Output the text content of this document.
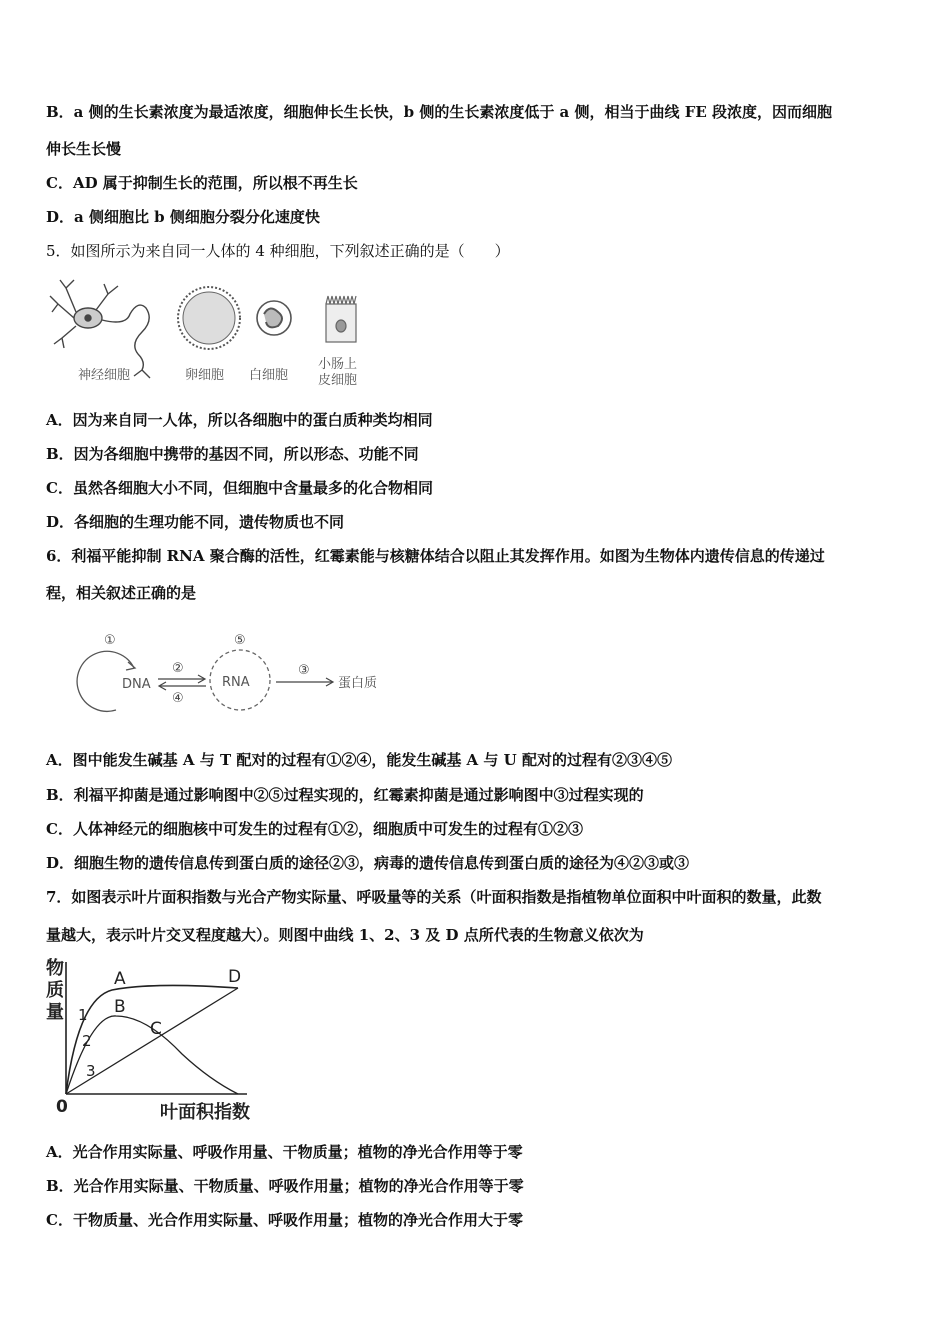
B．a 侧的生长素浓度为最适浓度，细胞伸长生长快，b 侧的生长素浓度低于 a 侧，相当于曲线 FE 段浓度，因而细胞
伸长生长慢
C．AD 属于抑制生长的范围，所以根不再生长
D．a 侧细胞比 b 侧细胞分裂分化速度快
5．如图所示为来自同一人体的 4 种细胞，下列叙述正确的是（　　）
神经细胞	卵细胞 白细胞
小肠上
皮细胞
A．因为来自同一人体，所以各细胞中的蛋白质种类均相同
B．因为各细胞中携带的基因不同，所以形态、功能不同
C．虽然各细胞大小不同，但细胞中含量最多的化合物相同
D．各细胞的生理功能不同，遗传物质也不同
6．利福平能抑制 RNA 聚合酶的活性，红霉素能与核糖体结合以阻止其发挥作用。如图为生物体内遗传信息的传递过
程，相关叙述正确的是
①
DNA
②
④
⑤
RNA
③
蛋白质
A．图中能发生碱基 A 与 T 配对的过程有①②④，能发生碱基 A 与 U 配对的过程有②③④⑤
B．利福平抑菌是通过影响图中②⑤过程实现的，红霉素抑菌是通过影响图中③过程实现的
C．人体神经元的细胞核中可发生的过程有①②，细胞质中可发生的过程有①②③
D．细胞生物的遗传信息传到蛋白质的途径②③，病毒的遗传信息传到蛋白质的途径为④②③或③
7．如图表示叶片面积指数与光合产物实际量、呼吸量等的关系（叶面积指数是指植物单位面积中叶面积的数量，此数
量越大，表示叶片交叉程度越大）。则图中曲线 1、2、3 及 D 点所代表的生物意义依次为
物
质
量
0	叶面积指数
A
B
C
D
1
2
3
A．光合作用实际量、呼吸作用量、干物质量；植物的净光合作用等于零
B．光合作用实际量、干物质量、呼吸作用量；植物的净光合作用等于零
C．干物质量、光合作用实际量、呼吸作用量；植物的净光合作用大于零
